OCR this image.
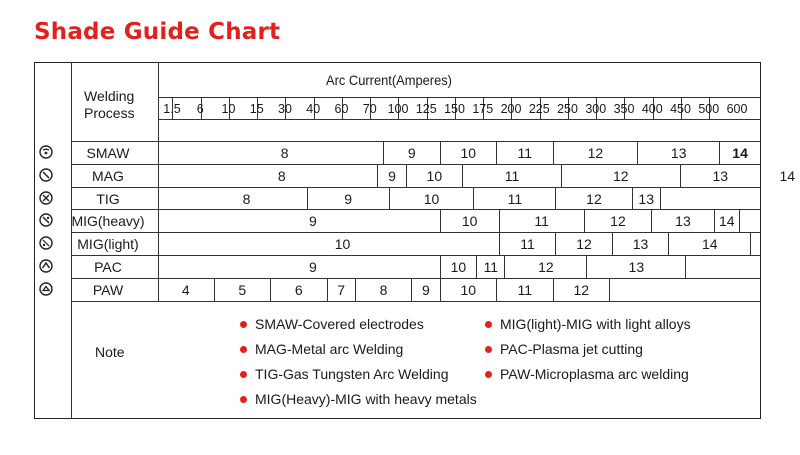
Shade Guide Chart
Welding
Process
Arc Current(Amperes)
1.5 6 10 15 30 40 60 70 100 125 150 175 200 225 250 300 350 400 450 500 600
SMAW	8	9	10	11	12	13	14
MAG	8	9	10	11	12	13	14
TIG	8	9	10	11	12	13
MIG(heavy)	9	10	11	12	13	14
MIG(light)	10	11	12	13	14
PAC	9	10	11	12	13
PAW	4	5	6	7	8	9	10	11	12
Note
SMAW-Covered electrodes
MAG-Metal arc Welding
TIG-Gas Tungsten Arc Welding
MIG(Heavy)-MIG with heavy metals
MIG(light)-MIG with light alloys
PAC-Plasma jet cutting
PAW-Microplasma arc welding
